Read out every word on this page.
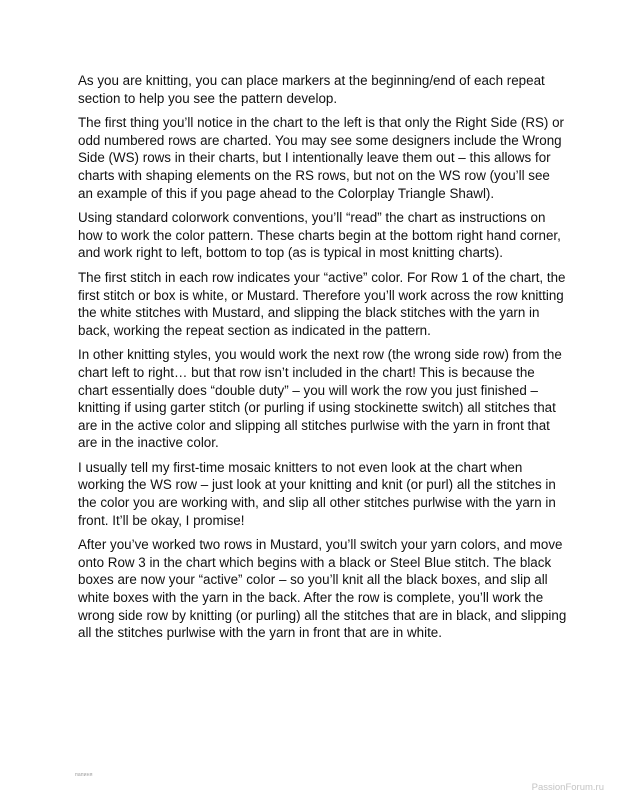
As you are knitting, you can place markers at the beginning/end of each repeat section to help you see the pattern develop.

The first thing you’ll notice in the chart to the left is that only the Right Side (RS) or odd numbered rows are charted. You may see some designers include the Wrong Side (WS) rows in their charts, but I intentionally leave them out – this allows for charts with shaping elements on the RS rows, but not on the WS row (you’ll see an example of this if you page ahead to the Colorplay Triangle Shawl).

Using standard colorwork conventions, you’ll “read” the chart as instructions on how to work the color pattern. These charts begin at the bottom right hand corner, and work right to left, bottom to top (as is typical in most knitting charts).

The first stitch in each row indicates your “active” color. For Row 1 of the chart, the first stitch or box is white, or Mustard. Therefore you’ll work across the row knitting the white stitches with Mustard, and slipping the black stitches with the yarn in back, working the repeat section as indicated in the pattern.

In other knitting styles, you would work the next row (the wrong side row) from the chart left to right… but that row isn’t included in the chart! This is because the chart essentially does “double duty” – you will work the row you just finished – knitting if using garter stitch (or purling if using stockinette switch) all stitches that are in the active color and slipping all stitches purlwise with the yarn in front that are in the inactive color.

I usually tell my first-time mosaic knitters to not even look at the chart when working the WS row – just look at your knitting and knit (or purl) all the stitches in the color you are working with, and slip all other stitches purlwise with the yarn in front. It’ll be okay, I promise!

After you’ve worked two rows in Mustard, you’ll switch your yarn colors, and move onto Row 3 in the chart which begins with a black or Steel Blue stitch. The black boxes are now your “active” color – so you’ll knit all the black boxes, and slip all white boxes with the yarn in the back. After the row is complete, you’ll work the wrong side row by knitting (or purling) all the stitches that are in black, and slipping all the stitches purlwise with the yarn in front that are in white.

папиня
PassionForum.ru
